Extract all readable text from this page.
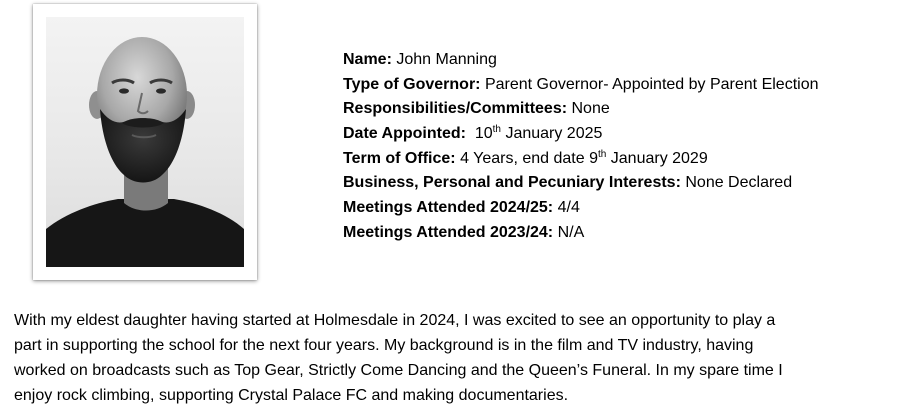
Name: John Manning
Type of Governor: Parent Governor- Appointed by Parent Election
Responsibilities/Committees: None
Date Appointed: 10th January 2025
Term of Office: 4 Years, end date 9th January 2029
Business, Personal and Pecuniary Interests: None Declared
Meetings Attended 2024/25: 4/4
Meetings Attended 2023/24: N/A
With my eldest daughter having started at Holmesdale in 2024, I was excited to see an opportunity to play a
part in supporting the school for the next four years. My background is in the film and TV industry, having
worked on broadcasts such as Top Gear, Strictly Come Dancing and the Queen’s Funeral. In my spare time I
enjoy rock climbing, supporting Crystal Palace FC and making documentaries.
